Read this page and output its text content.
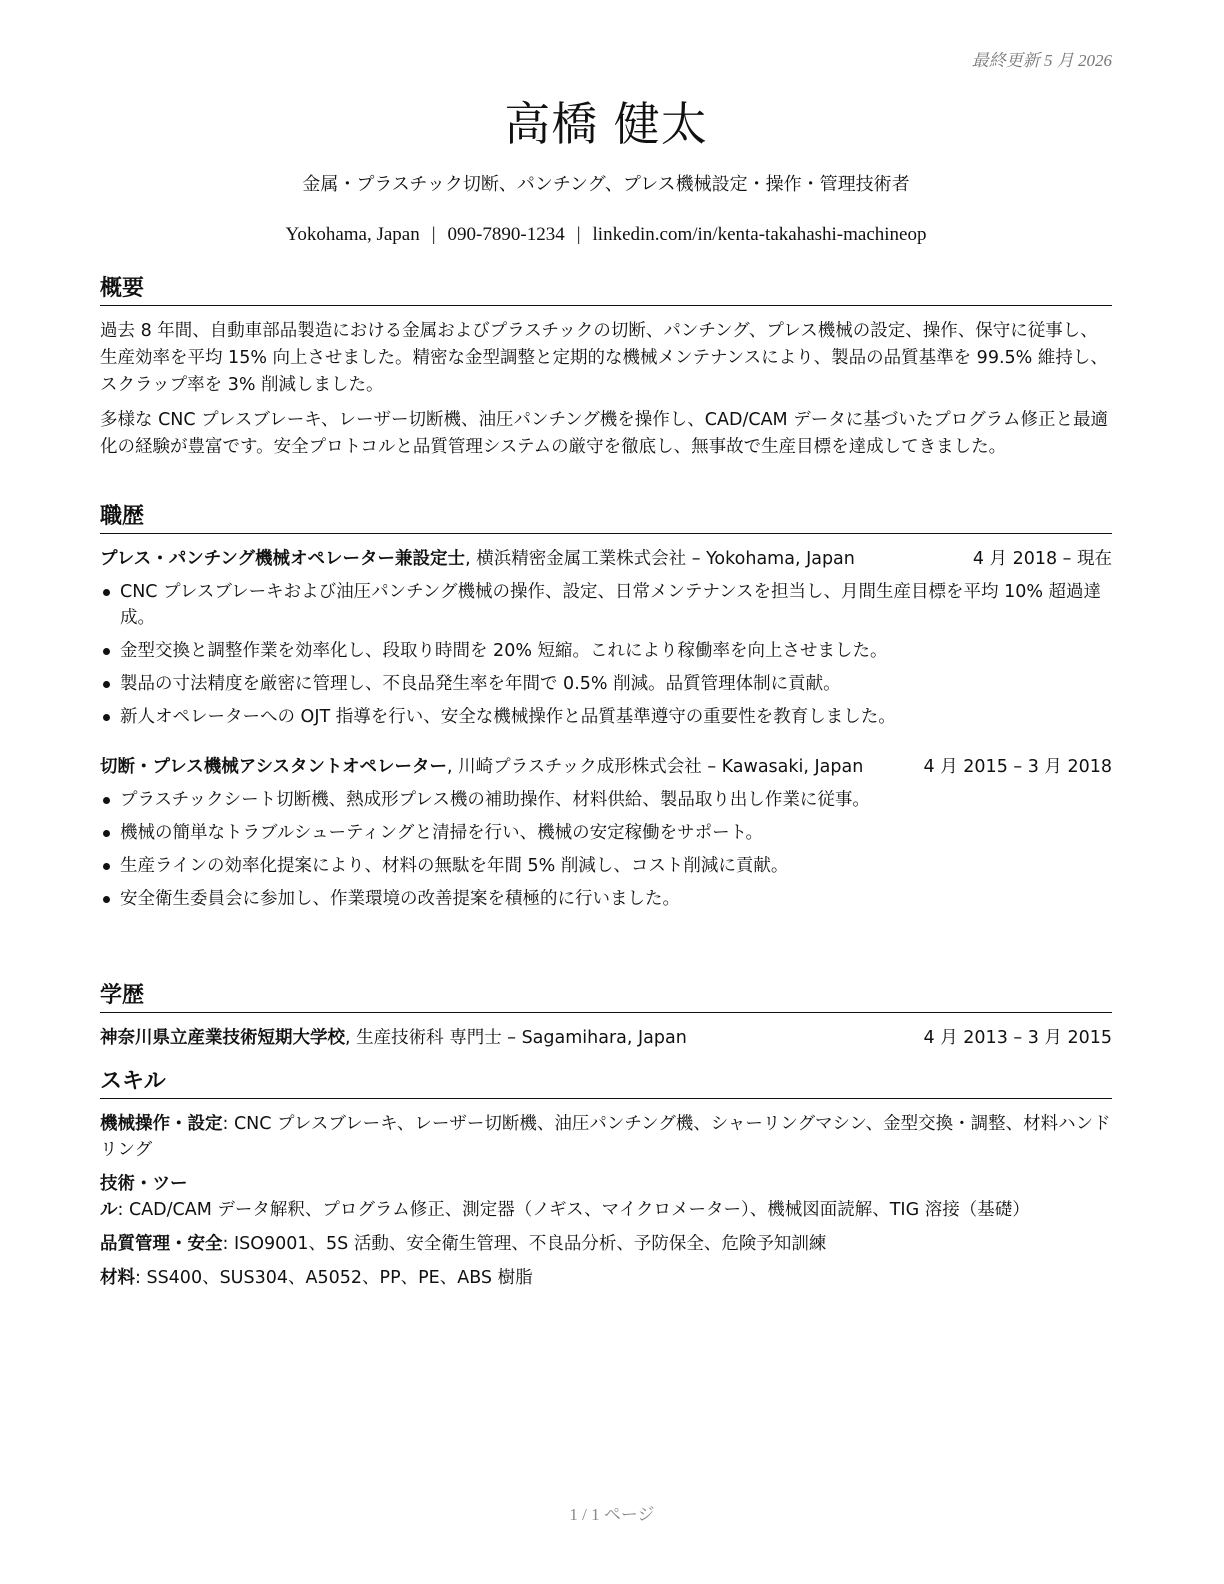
最終更新 5 月 2026
高橋 健太
金属・プラスチック切断、パンチング、プレス機械設定・操作・管理技術者
Yokohama, Japan | 090-7890-1234 | linkedin.com/in/kenta-takahashi-machineop
概要

過去 8 年間、自動車部品製造における金属およびプラスチックの切断、パンチング、プレス機械の設定、操作、保守に従事し、生産効率を平均 15% 向上させました。精密な金型調整と定期的な機械メンテナンスにより、製品の品質基準を 99.5% 維持し、スクラップ率を 3% 削減しました。

多様な CNC プレスブレーキ、レーザー切断機、油圧パンチング機を操作し、CAD/CAM データに基づいたプログラム修正と最適化の経験が豊富です。安全プロトコルと品質管理システムの厳守を徹底し、無事故で生産目標を達成してきました。

職歴
プレス・パンチング機械オペレーター兼設定士, 横浜精密金属工業株式会社 – Yokohama, Japan	4 月 2018 – 現在
CNC プレスブレーキおよび油圧パンチング機械の操作、設定、日常メンテナンスを担当し、月間生産目標を平均 10% 超過達成。
金型交換と調整作業を効率化し、段取り時間を 20% 短縮。これにより稼働率を向上させました。
製品の寸法精度を厳密に管理し、不良品発生率を年間で 0.5% 削減。品質管理体制に貢献。
新人オペレーターへの OJT 指導を行い、安全な機械操作と品質基準遵守の重要性を教育しました。
切断・プレス機械アシスタントオペレーター, 川崎プラスチック成形株式会社 – Kawasaki, Japan	4 月 2015 – 3 月 2018
プラスチックシート切断機、熱成形プレス機の補助操作、材料供給、製品取り出し作業に従事。
機械の簡単なトラブルシューティングと清掃を行い、機械の安定稼働をサポート。
生産ラインの効率化提案により、材料の無駄を年間 5% 削減し、コスト削減に貢献。
安全衛生委員会に参加し、作業環境の改善提案を積極的に行いました。
学歴
神奈川県立産業技術短期大学校, 生産技術科 専門士 – Sagamihara, Japan	4 月 2013 – 3 月 2015
スキル
機械操作・設定: CNC プレスブレーキ、レーザー切断機、油圧パンチング機、シャーリングマシン、金型交換・調整、材料ハンドリング
技術・ツール: CAD/CAM データ解釈、プログラム修正、測定器（ノギス、マイクロメーター）、機械図面読解、TIG 溶接（基礎）
品質管理・安全: ISO9001、5S 活動、安全衛生管理、不良品分析、予防保全、危険予知訓練
材料: SS400、SUS304、A5052、PP、PE、ABS 樹脂
1 / 1 ページ
